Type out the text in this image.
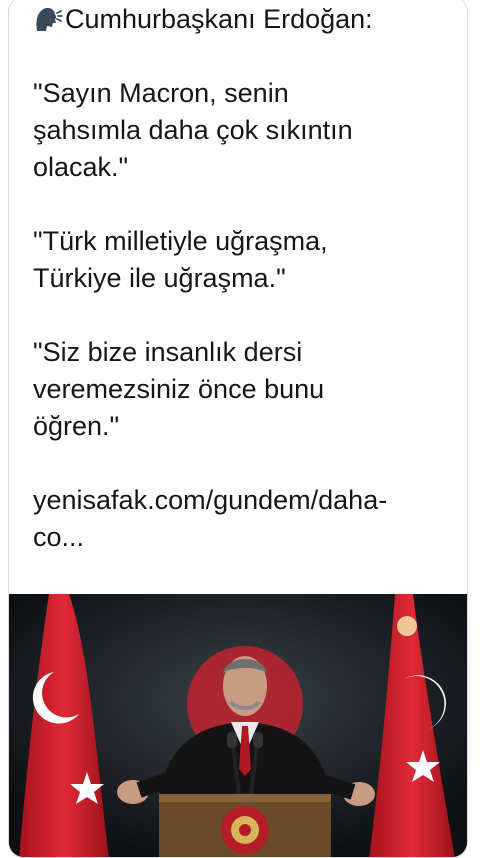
Cumhurbaşkanı Erdoğan:
"Sayın Macron, senin
şahsımla daha çok sıkıntın
olacak."
"Türk milletiyle uğraşma,
Türkiye ile uğraşma."
"Siz bize insanlık dersi
veremezsiniz önce bunu
öğren."
yenisafak.com/gundem/daha-
co...
